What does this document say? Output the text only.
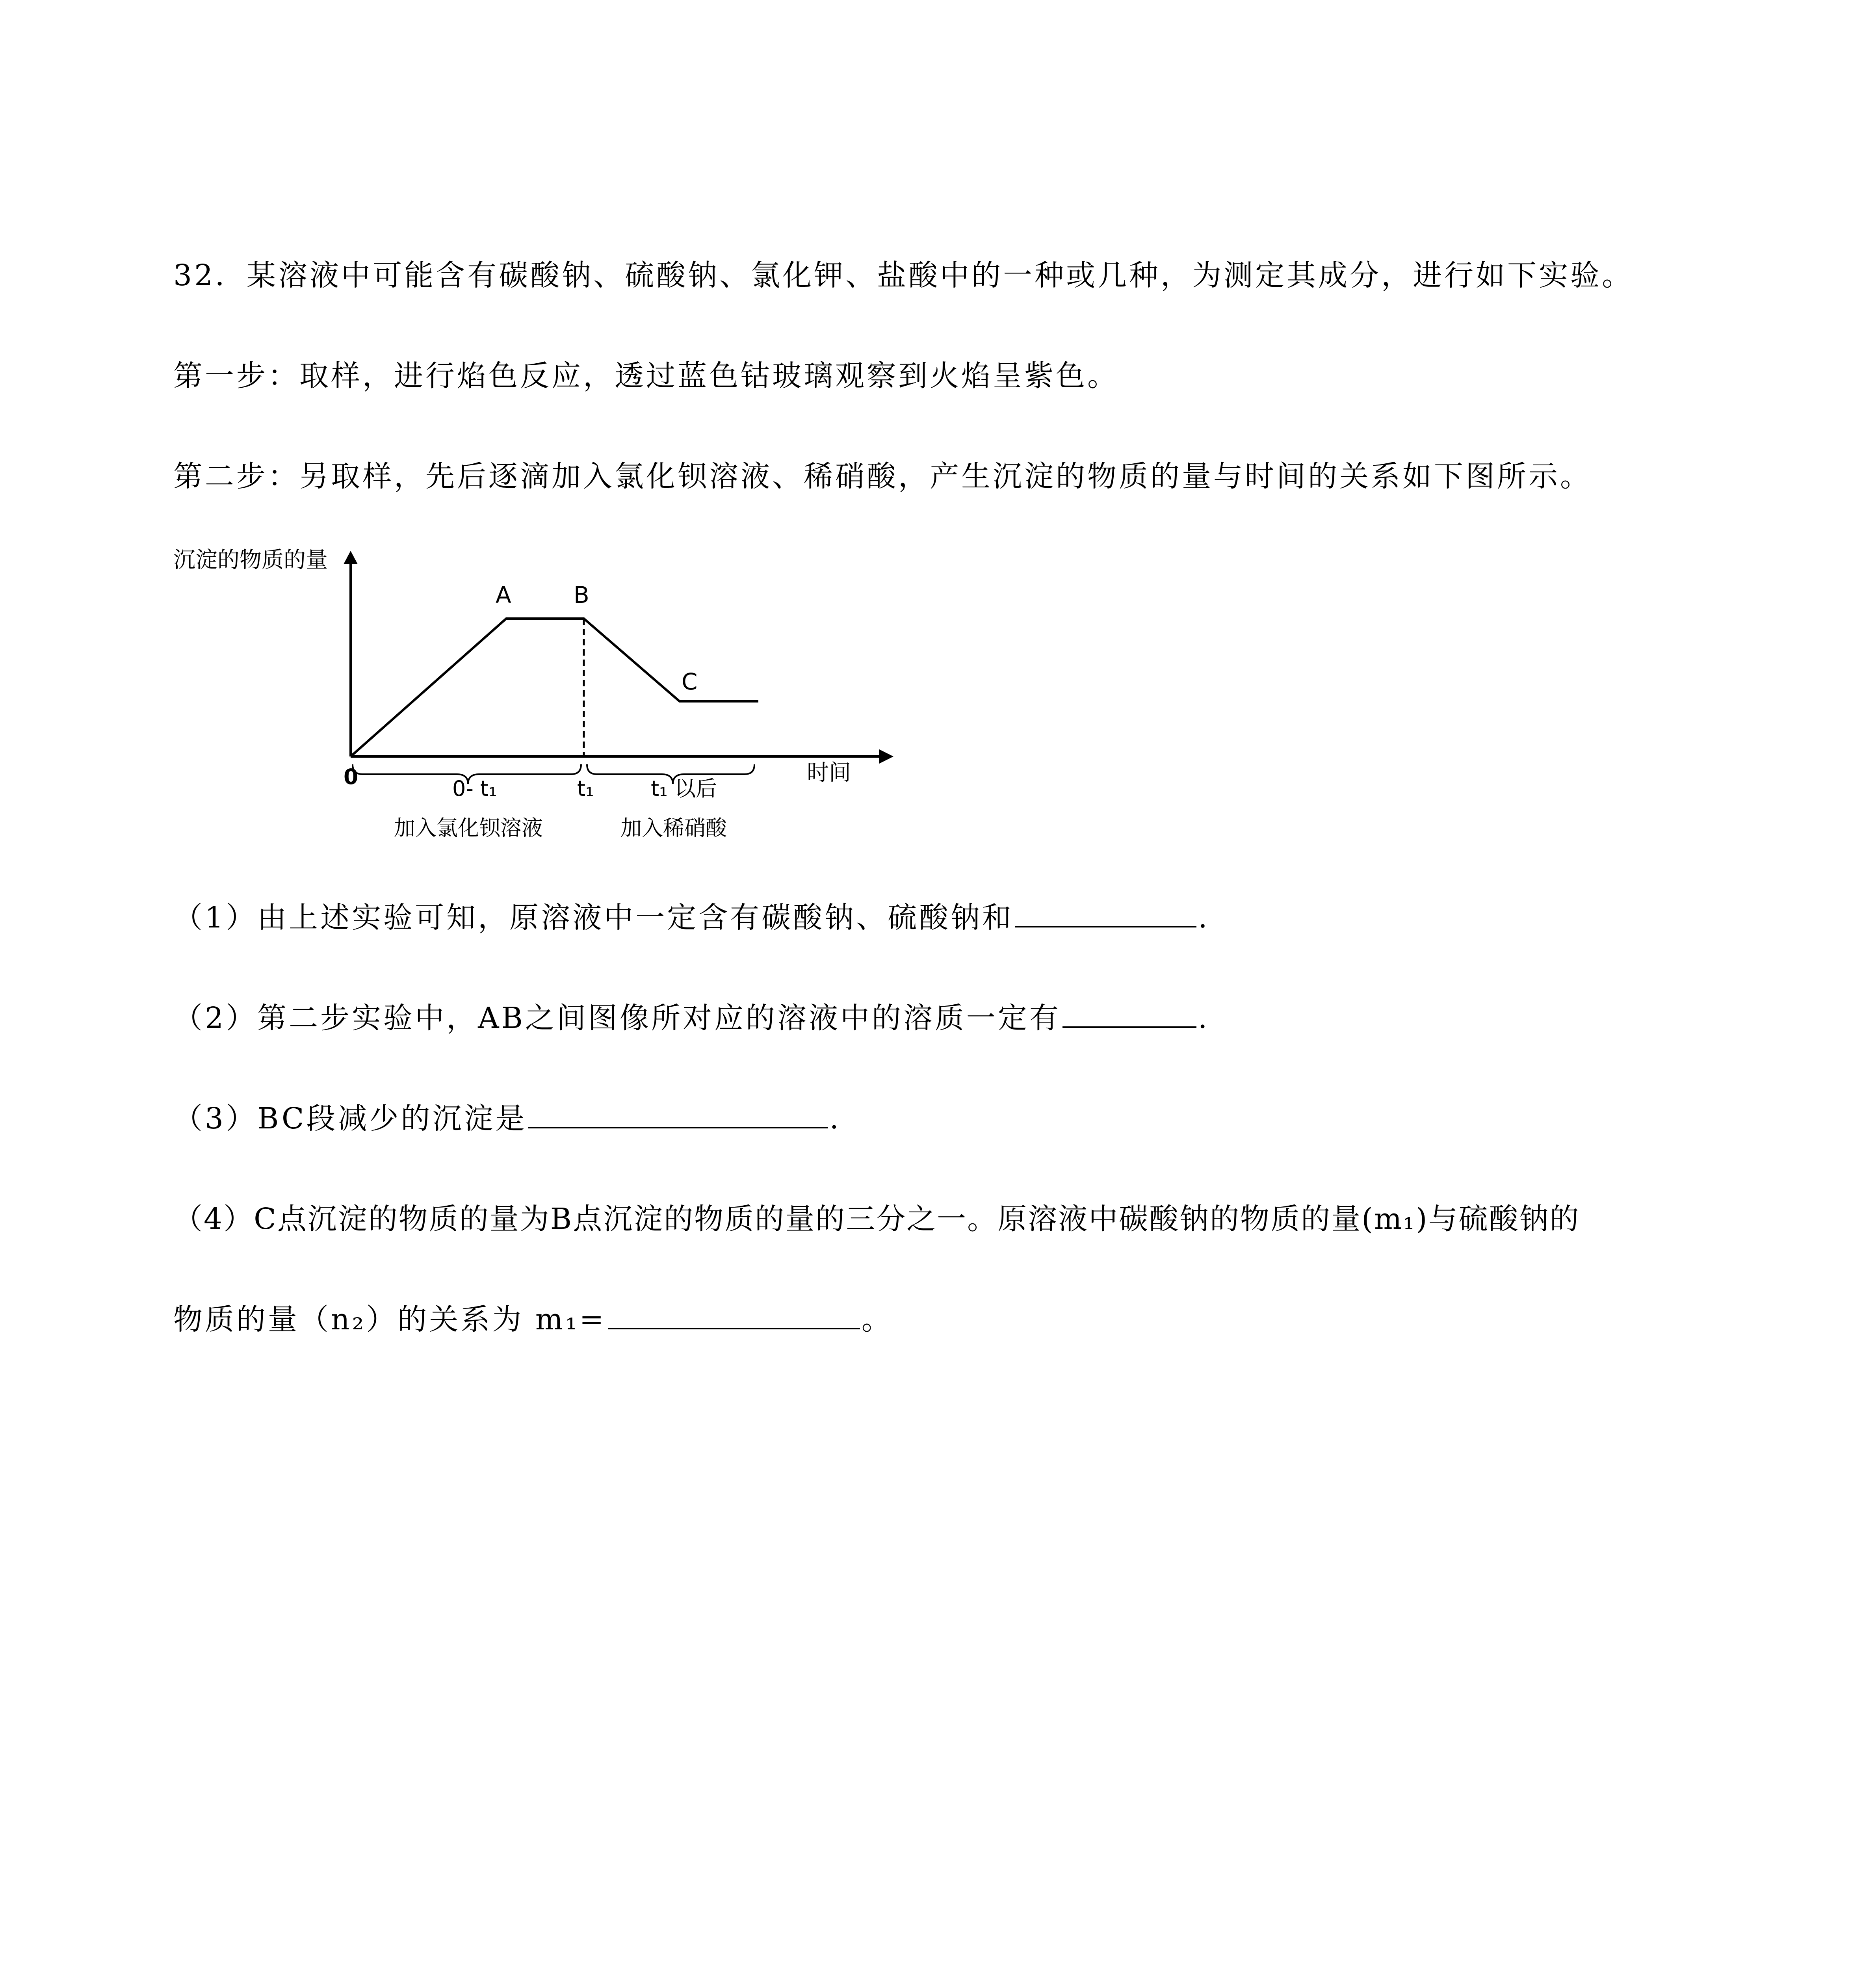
32．某溶液中可能含有碳酸钠、硫酸钠、氯化钾、盐酸中的一种或几种，为测定其成分，进行如下实验。
第一步：取样，进行焰色反应，透过蓝色钴玻璃观察到火焰呈紫色。
第二步：另取样，先后逐滴加入氯化钡溶液、稀硝酸，产生沉淀的物质的量与时间的关系如下图所示。
沉淀的物质的量
时间
0
A	B
C
0- t₁	t₁	t₁ 以后
加入氯化钡溶液	加入稀硝酸
（1）由上述实验可知，原溶液中一定含有碳酸钠、硫酸钠和	.
（2）第二步实验中，AB之间图像所对应的溶液中的溶质一定有	.
（3）BC段减少的沉淀是	.
（4）C点沉淀的物质的量为B点沉淀的物质的量的三分之一。原溶液中碳酸钠的物质的量(m₁)与硫酸钠的
物质的量（n₂）的关系为 m₁=	。
